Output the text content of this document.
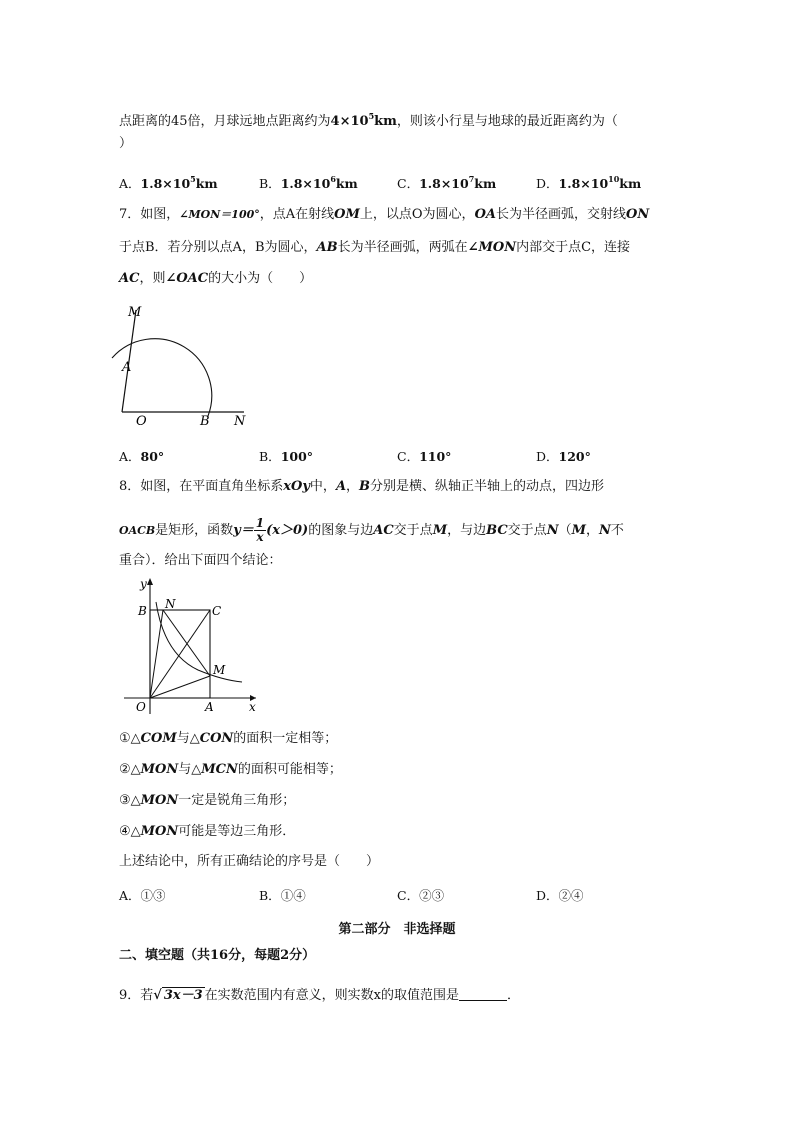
点距离的45倍，月球远地点距离约为$4\times 10^5km$，则该小行星与地球的最近距离约为（
）
A．$1.8\times 10^5km$	B．$1.8\times 10^6km$	C．$1.8\times 10^7km$	D．$1.8\times 10^{10}km$
7．如图，∠MON＝100°，点A在射线OM上，以点O为圆心，OA长为半径画弧，交射线ON
于点B．若分别以点A，B为圆心，AB长为半径画弧，两弧在∠MON内部交于点C，连接
AC，则∠OAC的大小为（　　）
M
A
O	B N
A．80°	B．100°	C．110°	D．120°
8．如图，在平面直角坐标系xOy中，A，B分别是横、纵轴正半轴上的动点，四边形
OACB是矩形，函数$y= \frac{1}{x} (x>0)$的图象与边AC交于点M，与边BC交于点N（M，N不
重合）．给出下面四个结论：
y
x
B N	C
M
O	A
①△COM与△CON的面积一定相等；
②△MON与△MCN的面积可能相等；
③△MON一定是锐角三角形；
④△MON可能是等边三角形．
上述结论中，所有正确结论的序号是（　　）
A．①③	B．①④	C．②③	D．②④
第二部分　非选择题
二、填空题（共16分，每题2分）
9．若√ 3x－3 在实数范围内有意义，则实数x的取值范围是	．
